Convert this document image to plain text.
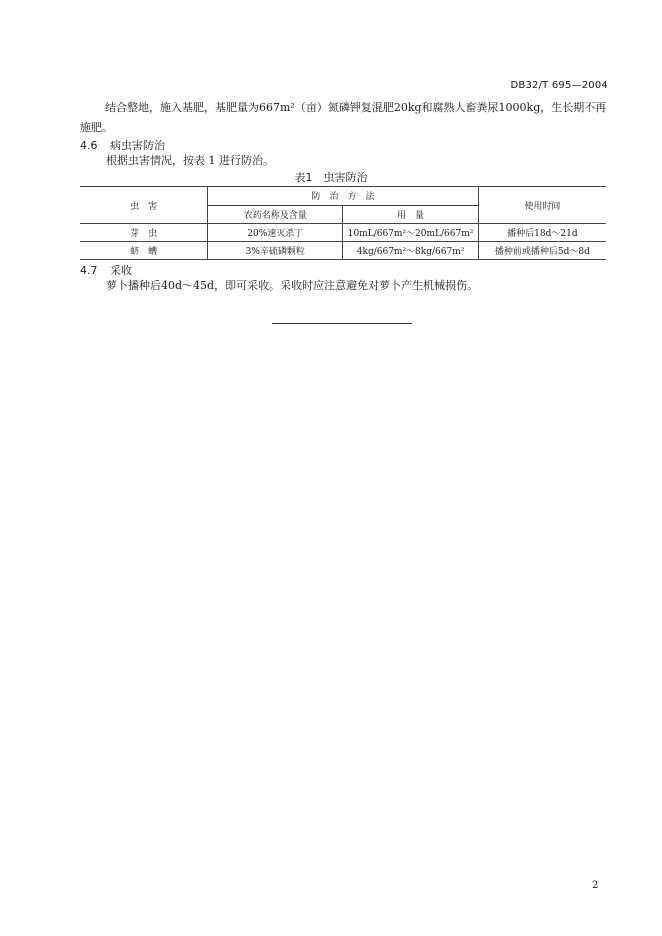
DB32/T 695—2004
结合整地，施入基肥，基肥量为667m²（亩）氮磷钾复混肥20kg和腐熟人畜粪尿1000kg，生长期不再施肥。
4.6 病虫害防治
根据虫害情况，按表 1 进行防治。
表1　虫害防治
虫　害	防　治　方　法		使用时间
	农药名称及含量	用　量	
芽　虫	20%速灭杀丁	10mL/667m²～20mL/667m²	播种后18d～21d
蛴　螬	3%辛硫磷颗粒	4kg/667m²～8kg/667m²	播种前或播种后5d～8d
4.7 采收
萝卜播种后40d～45d，即可采收。采收时应注意避免对萝卜产生机械损伤。
2
